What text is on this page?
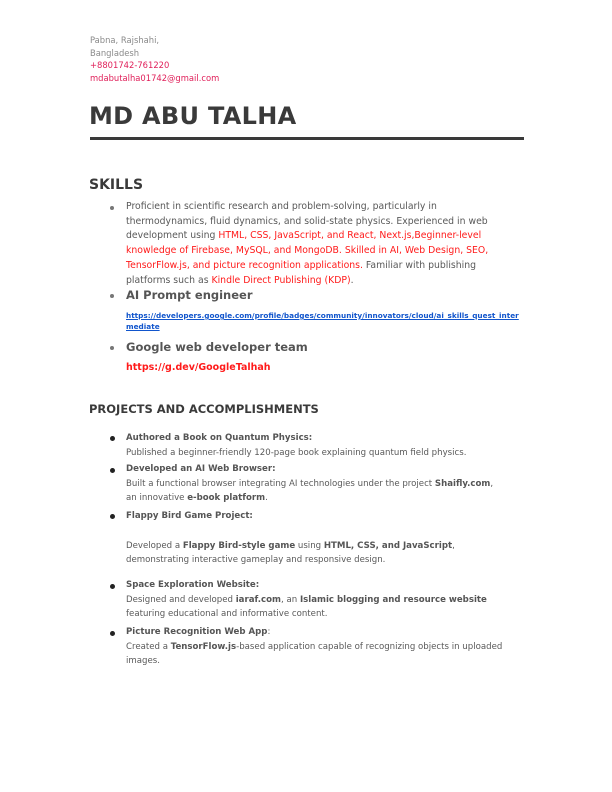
Pabna, Rajshahi,
Bangladesh
+8801742-761220
mdabutalha01742@gmail.com
MD ABU TALHA
SKILLS
Proficient in scientific research and problem-solving, particularly in thermodynamics, fluid dynamics, and solid-state physics. Experienced in web development using HTML, CSS, JavaScript, and React, Next.js,Beginner-level knowledge of Firebase, MySQL, and MongoDB. Skilled in AI, Web Design, SEO, TensorFlow.js, and picture recognition applications. Familiar with publishing platforms such as Kindle Direct Publishing (KDP).
AI Prompt engineer
https://developers.google.com/profile/badges/community/innovators/cloud/ai_skills_quest_intermediate
Google web developer team
https://g.dev/GoogleTalhah
PROJECTS AND ACCOMPLISHMENTS
Authored a Book on Quantum Physics:
Published a beginner-friendly 120-page book explaining quantum field physics.
Developed an AI Web Browser:
Built a functional browser integrating AI technologies under the project Shaifly.com, an innovative e-book platform.
Flappy Bird Game Project:
Developed a Flappy Bird-style game using HTML, CSS, and JavaScript, demonstrating interactive gameplay and responsive design.
Space Exploration Website:
Designed and developed iaraf.com, an Islamic blogging and resource website featuring educational and informative content.
Picture Recognition Web App:
Created a TensorFlow.js-based application capable of recognizing objects in uploaded images.
